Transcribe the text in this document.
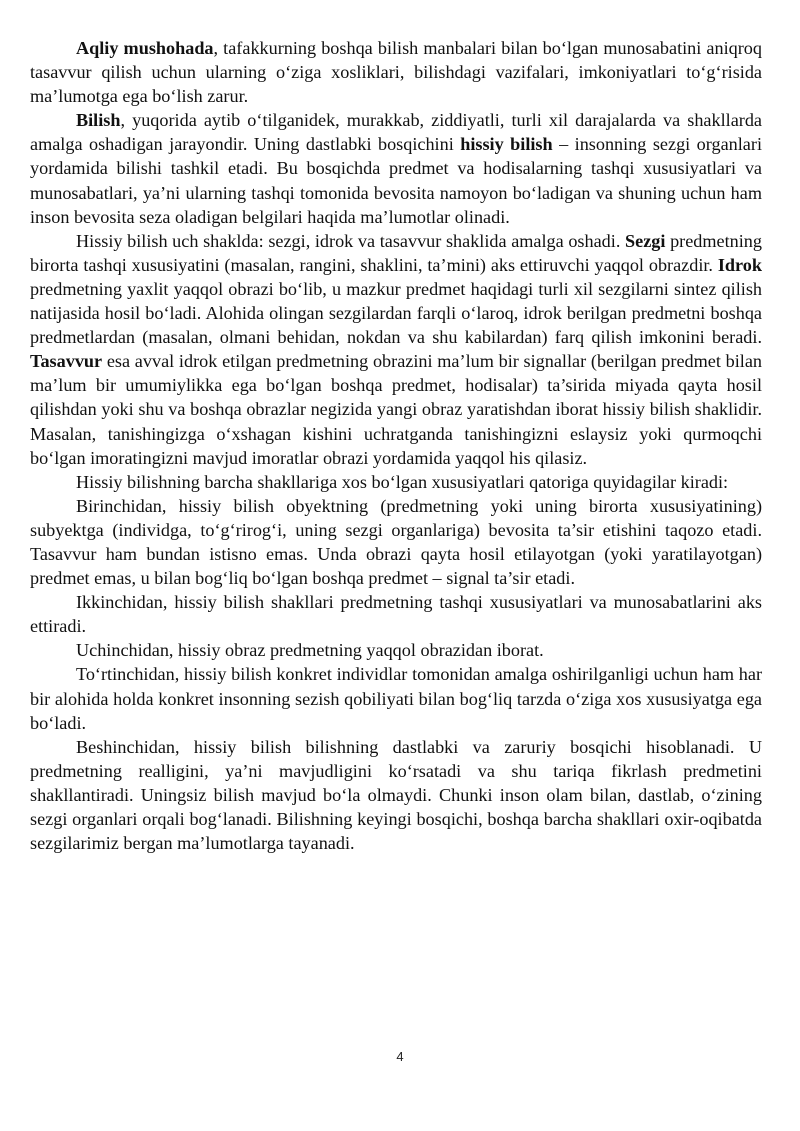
Aqliy mushohada, tafakkurning boshqa bilish manbalari bilan bo‘lgan munosabatini aniqroq tasavvur qilish uchun ularning o‘ziga xosliklari, bilishdagi vazifalari, imkoniyatlari to‘g‘risida ma’lumotga ega bo‘lish zarur.

Bilish, yuqorida aytib o‘tilganidek, murakkab, ziddiyatli, turli xil darajalarda va shakllarda amalga oshadigan jarayondir. Uning dastlabki bosqichini hissiy bilish – insonning sezgi organlari yordamida bilishi tashkil etadi. Bu bosqichda predmet va hodisalarning tashqi xususiyatlari va munosabatlari, ya’ni ularning tashqi tomonida bevosita namoyon bo‘ladigan va shuning uchun ham inson bevosita seza oladigan belgilari haqida ma’lumotlar olinadi.

Hissiy bilish uch shaklda: sezgi, idrok va tasavvur shaklida amalga oshadi. Sezgi predmetning birorta tashqi xususiyatini (masalan, rangini, shaklini, ta’mini) aks ettiruvchi yaqqol obrazdir. Idrok predmetning yaxlit yaqqol obrazi bo‘lib, u mazkur predmet haqidagi turli xil sezgilarni sintez qilish natijasida hosil bo‘ladi. Alohida olingan sezgilardan farqli o‘laroq, idrok berilgan predmetni boshqa predmetlardan (masalan, olmani behidan, nokdan va shu kabilardan) farq qilish imkonini beradi. Tasavvur esa avval idrok etilgan predmetning obrazini ma’lum bir signallar (berilgan predmet bilan ma’lum bir umumiylikka ega bo‘lgan boshqa predmet, hodisalar) ta’sirida miyada qayta hosil qilishdan yoki shu va boshqa obrazlar negizida yangi obraz yaratishdan iborat hissiy bilish shaklidir. Masalan, tanishingizga o‘xshagan kishini uchratganda tanishingizni eslaysiz yoki qurmoqchi bo‘lgan imoratingizni mavjud imoratlar obrazi yordamida yaqqol his qilasiz.

Hissiy bilishning barcha shakllariga xos bo‘lgan xususiyatlari qatoriga quyidagilar kiradi:

Birinchidan, hissiy bilish obyektning (predmetning yoki uning birorta xususiyatining) subyektga (individga, to‘g‘rirog‘i, uning sezgi organlariga) bevosita ta’sir etishini taqozo etadi. Tasavvur ham bundan istisno emas. Unda obrazi qayta hosil etilayotgan (yoki yaratilayotgan) predmet emas, u bilan bog‘liq bo‘lgan boshqa predmet – signal ta’sir etadi.

Ikkinchidan, hissiy bilish shakllari predmetning tashqi xususiyatlari va munosabatlarini aks ettiradi.

Uchinchidan, hissiy obraz predmetning yaqqol obrazidan iborat.

To‘rtinchidan, hissiy bilish konkret individlar tomonidan amalga oshirilganligi uchun ham har bir alohida holda konkret insonning sezish qobiliyati bilan bog‘liq tarzda o‘ziga xos xususiyatga ega bo‘ladi.

Beshinchidan, hissiy bilish bilishning dastlabki va zaruriy bosqichi hisoblanadi. U predmetning realligini, ya’ni mavjudligini ko‘rsatadi va shu tariqa fikrlash predmetini shakllantiradi. Uningsiz bilish mavjud bo‘la olmaydi. Chunki inson olam bilan, dastlab, o‘zining sezgi organlari orqali bog‘lanadi. Bilishning keyingi bosqichi, boshqa barcha shakllari oxir-oqibatda sezgilarimiz bergan ma’lumotlarga tayanadi.

4
